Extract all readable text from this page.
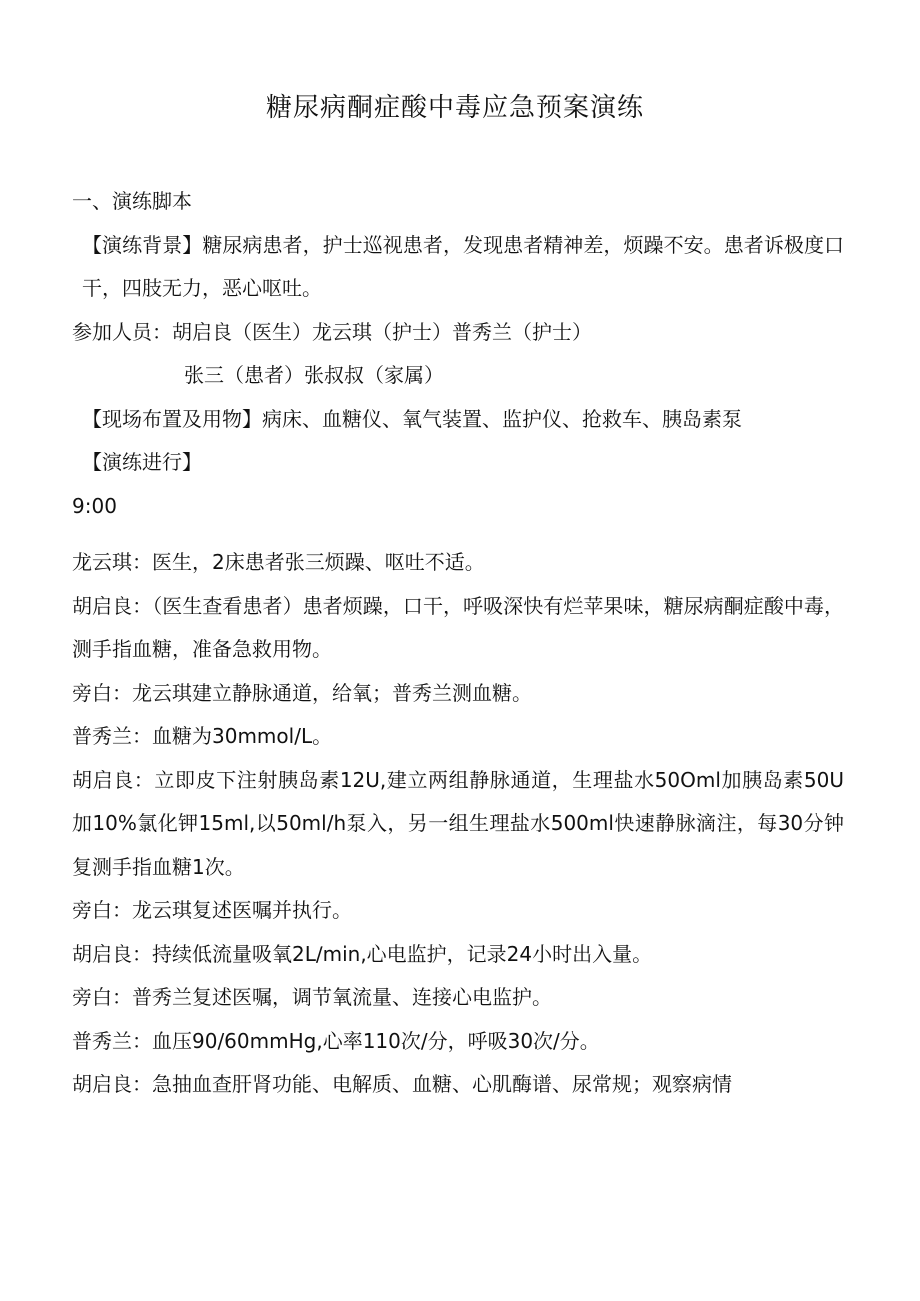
糖尿病酮症酸中毒应急预案演练

一、演练脚本

【演练背景】糖尿病患者，护士巡视患者，发现患者精神差，烦躁不安。患者诉极度口干，四肢无力，恶心呕吐。

参加人员：胡启良（医生）龙云琪（护士）普秀兰（护士）

张三（患者）张叔叔（家属）

【现场布置及用物】病床、血糖仪、氧气装置、监护仪、抢救车、胰岛素泵

【演练进行】

9:00

龙云琪：医生，2床患者张三烦躁、呕吐不适。

胡启良：（医生查看患者）患者烦躁，口干，呼吸深快有烂苹果味，糖尿病酮症酸中毒，测手指血糖，准备急救用物。

旁白：龙云琪建立静脉通道，给氧；普秀兰测血糖。

普秀兰：血糖为30mmol/L。

胡启良：立即皮下注射胰岛素12U,建立两组静脉通道，生理盐水50Oml加胰岛素50U加10%氯化钾15ml,以50ml/h泵入，另一组生理盐水500ml快速静脉滴注，每30分钟复测手指血糖1次。

旁白：龙云琪复述医嘱并执行。

胡启良：持续低流量吸氧2L∕min,心电监护，记录24小时出入量。

旁白：普秀兰复述医嘱，调节氧流量、连接心电监护。

普秀兰：血压90/60mmHg,心率110次/分，呼吸30次/分。

胡启良：急抽血查肝肾功能、电解质、血糖、心肌酶谱、尿常规；观察病情
